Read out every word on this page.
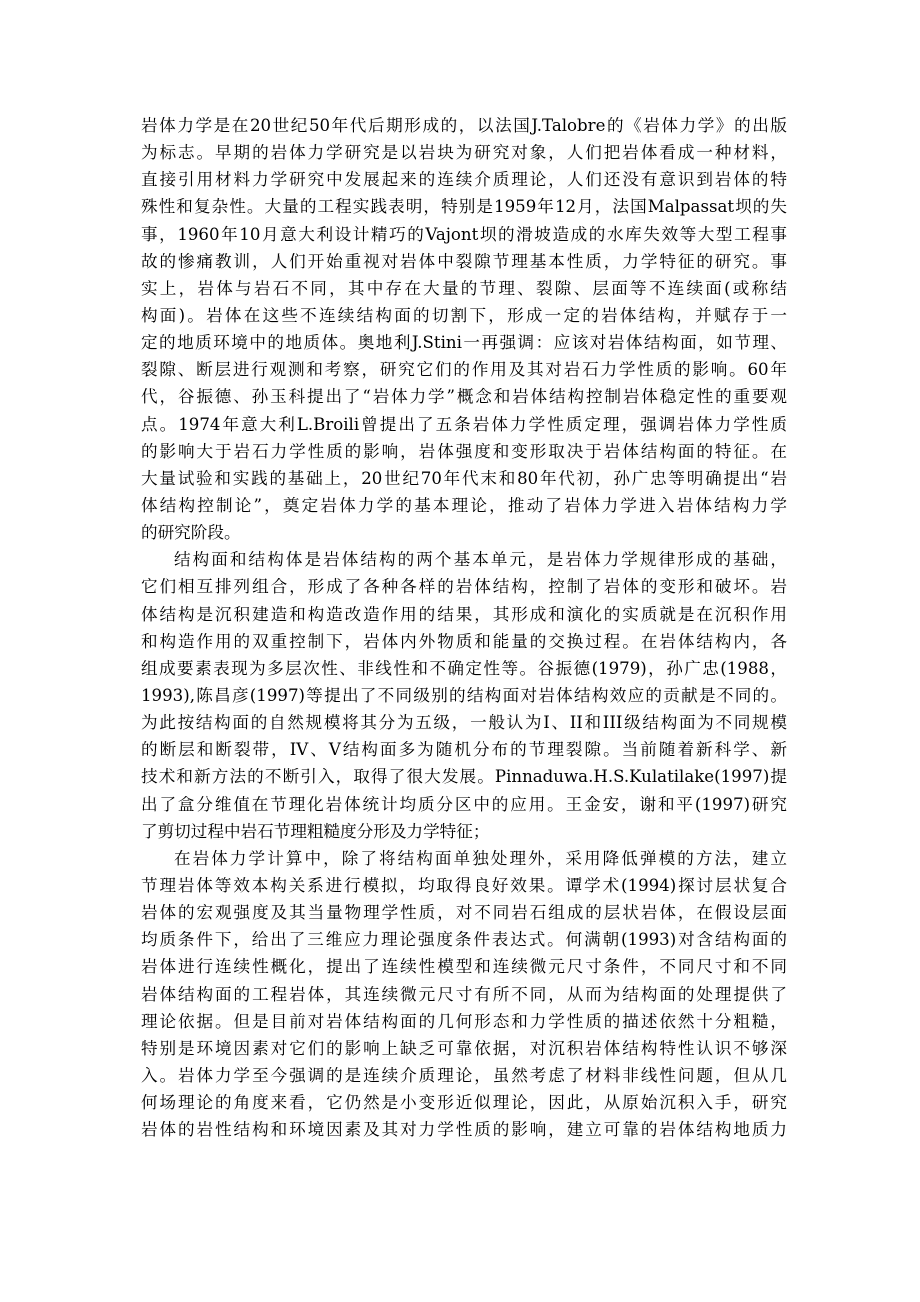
岩体力学是在20世纪50年代后期形成的，以法国J.Talobre的《岩体力学》的出版
为标志。早期的岩体力学研究是以岩块为研究对象，人们把岩体看成一种材料，
直接引用材料力学研究中发展起来的连续介质理论，人们还没有意识到岩体的特
殊性和复杂性。大量的工程实践表明，特别是1959年12月，法国Malpassat坝的失
事，1960年10月意大利设计精巧的Vajont坝的滑坡造成的水库失效等大型工程事
故的惨痛教训，人们开始重视对岩体中裂隙节理基本性质，力学特征的研究。事
实上，岩体与岩石不同，其中存在大量的节理、裂隙、层面等不连续面(或称结
构面)。岩体在这些不连续结构面的切割下，形成一定的岩体结构，并赋存于一
定的地质环境中的地质体。奥地利J.Stini一再强调：应该对岩体结构面，如节理、
裂隙、断层进行观测和考察，研究它们的作用及其对岩石力学性质的影响。60年
代，谷振德、孙玉科提出了“岩体力学”概念和岩体结构控制岩体稳定性的重要观
点。1974年意大利L.Broili曾提出了五条岩体力学性质定理，强调岩体力学性质
的影响大于岩石力学性质的影响，岩体强度和变形取决于岩体结构面的特征。在
大量试验和实践的基础上，20世纪70年代末和80年代初，孙广忠等明确提出“岩
体结构控制论”，奠定岩体力学的基本理论，推动了岩体力学进入岩体结构力学
的研究阶段。

结构面和结构体是岩体结构的两个基本单元，是岩体力学规律形成的基础，
它们相互排列组合，形成了各种各样的岩体结构，控制了岩体的变形和破坏。岩
体结构是沉积建造和构造改造作用的结果，其形成和演化的实质就是在沉积作用
和构造作用的双重控制下，岩体内外物质和能量的交换过程。在岩体结构内，各
组成要素表现为多层次性、非线性和不确定性等。谷振德(1979)，孙广忠(1988，
1993),陈昌彦(1997)等提出了不同级别的结构面对岩体结构效应的贡献是不同的。
为此按结构面的自然规模将其分为五级，一般认为I、II和III级结构面为不同规模
的断层和断裂带，IV、V结构面多为随机分布的节理裂隙。当前随着新科学、新
技术和新方法的不断引入，取得了很大发展。Pinnaduwa.H.S.Kulatilake(1997)提
出了盒分维值在节理化岩体统计均质分区中的应用。王金安，谢和平(1997)研究
了剪切过程中岩石节理粗糙度分形及力学特征；

在岩体力学计算中，除了将结构面单独处理外，采用降低弹模的方法，建立
节理岩体等效本构关系进行模拟，均取得良好效果。谭学术(1994)探讨层状复合
岩体的宏观强度及其当量物理学性质，对不同岩石组成的层状岩体，在假设层面
均质条件下，给出了三维应力理论强度条件表达式。何满朝(1993)对含结构面的
岩体进行连续性概化，提出了连续性模型和连续微元尺寸条件，不同尺寸和不同
岩体结构面的工程岩体，其连续微元尺寸有所不同，从而为结构面的处理提供了
理论依据。但是目前对岩体结构面的几何形态和力学性质的描述依然十分粗糙，
特别是环境因素对它们的影响上缺乏可靠依据，对沉积岩体结构特性认识不够深
入。岩体力学至今强调的是连续介质理论，虽然考虑了材料非线性问题，但从几
何场理论的角度来看，它仍然是小变形近似理论，因此，从原始沉积入手，研究
岩体的岩性结构和环境因素及其对力学性质的影响，建立可靠的岩体结构地质力
